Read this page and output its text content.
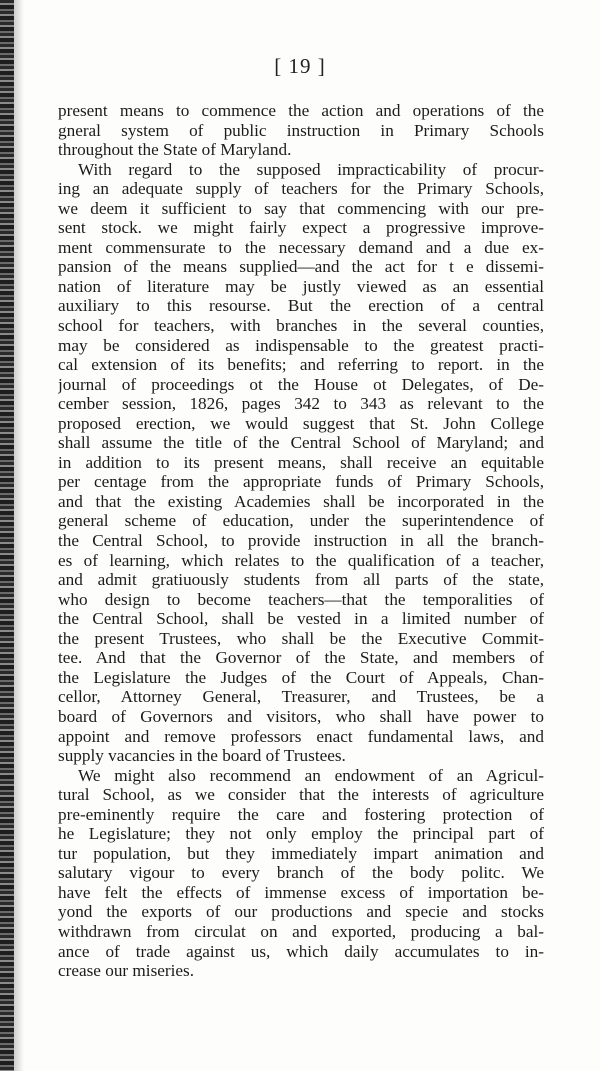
[ 19 ]
present means to commence the action and operations of the
gneral system of public instruction in Primary Schools
throughout the State of Maryland.
With regard to the supposed impracticability of procur-
ing an adequate supply of teachers for the Primary Schools,
we deem it sufficient to say that commencing with our pre-
sent stock. we might fairly expect a progressive improve-
ment commensurate to the necessary demand and a due ex-
pansion of the means supplied—and the act for t e dissemi-
nation of literature may be justly viewed as an essential
auxiliary to this resourse. But the erection of a central
school for teachers, with branches in the several counties,
may be considered as indispensable to the greatest practi-
cal extension of its benefits; and referring to report. in the
journal of proceedings ot the House ot Delegates, of De-
cember session, 1826, pages 342 to 343 as relevant to the
proposed erection, we would suggest that St. John College
shall assume the title of the Central School of Maryland; and
in addition to its present means, shall receive an equitable
per centage from the appropriate funds of Primary Schools,
and that the existing Academies shall be incorporated in the
general scheme of education, under the superintendence of
the Central School, to provide instruction in all the branch-
es of learning, which relates to the qualification of a teacher,
and admit gratiuously students from all parts of the state,
who design to become teachers—that the temporalities of
the Central School, shall be vested in a limited number of
the present Trustees, who shall be the Executive Commit-
tee. And that the Governor of the State, and members of
the Legislature the Judges of the Court of Appeals, Chan-
cellor, Attorney General, Treasurer, and Trustees, be a
board of Governors and visitors, who shall have power to
appoint and remove professors enact fundamental laws, and
supply vacancies in the board of Trustees.
We might also recommend an endowment of an Agricul-
tural School, as we consider that the interests of agriculture
pre-eminently require the care and fostering protection of
he Legislature; they not only employ the principal part of
tur population, but they immediately impart animation and
salutary vigour to every branch of the body politc. We
have felt the effects of immense excess of importation be-
yond the exports of our productions and specie and stocks
withdrawn from circulat on and exported, producing a bal-
ance of trade against us, which daily accumulates to in-
crease our miseries.
